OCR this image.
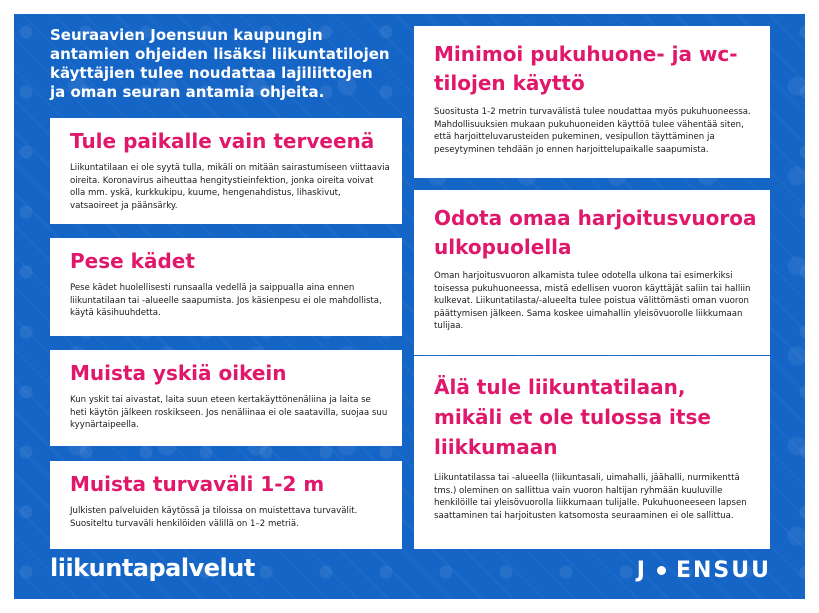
Seuraavien Joensuun kaupungin antamien ohjeiden lisäksi liikuntatilojen käyttäjien tulee noudattaa lajiliittojen ja oman seuran antamia ohjeita.
Tule paikalle vain terveenä

Liikuntatilaan ei ole syytä tulla, mikäli on mitään sairastumiseen viittaavia oireita. Koronavirus aiheuttaa hengitystieinfektion, jonka oireita voivat olla mm. yskä, kurkkukipu, kuume, hengenahdistus, lihaskivut, vatsaoireet ja päänsärky.

Pese kädet

Pese kädet huolellisesti runsaalla vedellä ja saippualla aina ennen liikuntatilaan tai -alueelle saapumista. Jos käsienpesu ei ole mahdollista, käytä käsihuuhdetta.

Muista yskiä oikein

Kun yskit tai aivastat, laita suun eteen kertakäyttönenäliina ja laita se heti käytön jälkeen roskikseen. Jos nenäliinaa ei ole saatavilla, suojaa suu kyynärtaipeella.

Muista turvaväli 1-2 m

Julkisten palveluiden käytössä ja tiloissa on muistettava turvavälit. Suositeltu turvaväli henkilöiden välillä on 1–2 metriä.

Minimoi pukuhuone- ja wc-tilojen käyttö

Suositusta 1-2 metrin turvavälistä tulee noudattaa myös pukuhuoneessa. Mahdollisuuksien mukaan pukuhuoneiden käyttöä tulee vähentää siten, että harjoitteluvarusteiden pukeminen, vesipullon täyttäminen ja peseytyminen tehdään jo ennen harjoittelupaikalle saapumista.

Odota omaa harjoitusvuoroa ulkopuolella

Oman harjoitusvuoron alkamista tulee odotella ulkona tai esimerkiksi toisessa pukuhuoneessa, mistä edellisen vuoron käyttäjät saliin tai halliin kulkevat. Liikuntatilasta/-alueelta tulee poistua välittömästi oman vuoron päättymisen jälkeen. Sama koskee uimahallin yleisövuorolle liikkumaan tulijaa.

Älä tule liikuntatilaan, mikäli et ole tulossa itse liikkumaan

Liikuntatilassa tai -alueella (liikuntasali, uimahalli, jäähalli, nurmikenttä tms.) oleminen on sallittua vain vuoron haltijan ryhmään kuuluville henkilöille tai yleisövuorolla liikkumaan tulijalle. Pukuhuoneeseen lapsen saattaminen tai harjoitusten katsomosta seuraaminen ei ole sallittua.

liikuntapalvelut	J ENSUU
